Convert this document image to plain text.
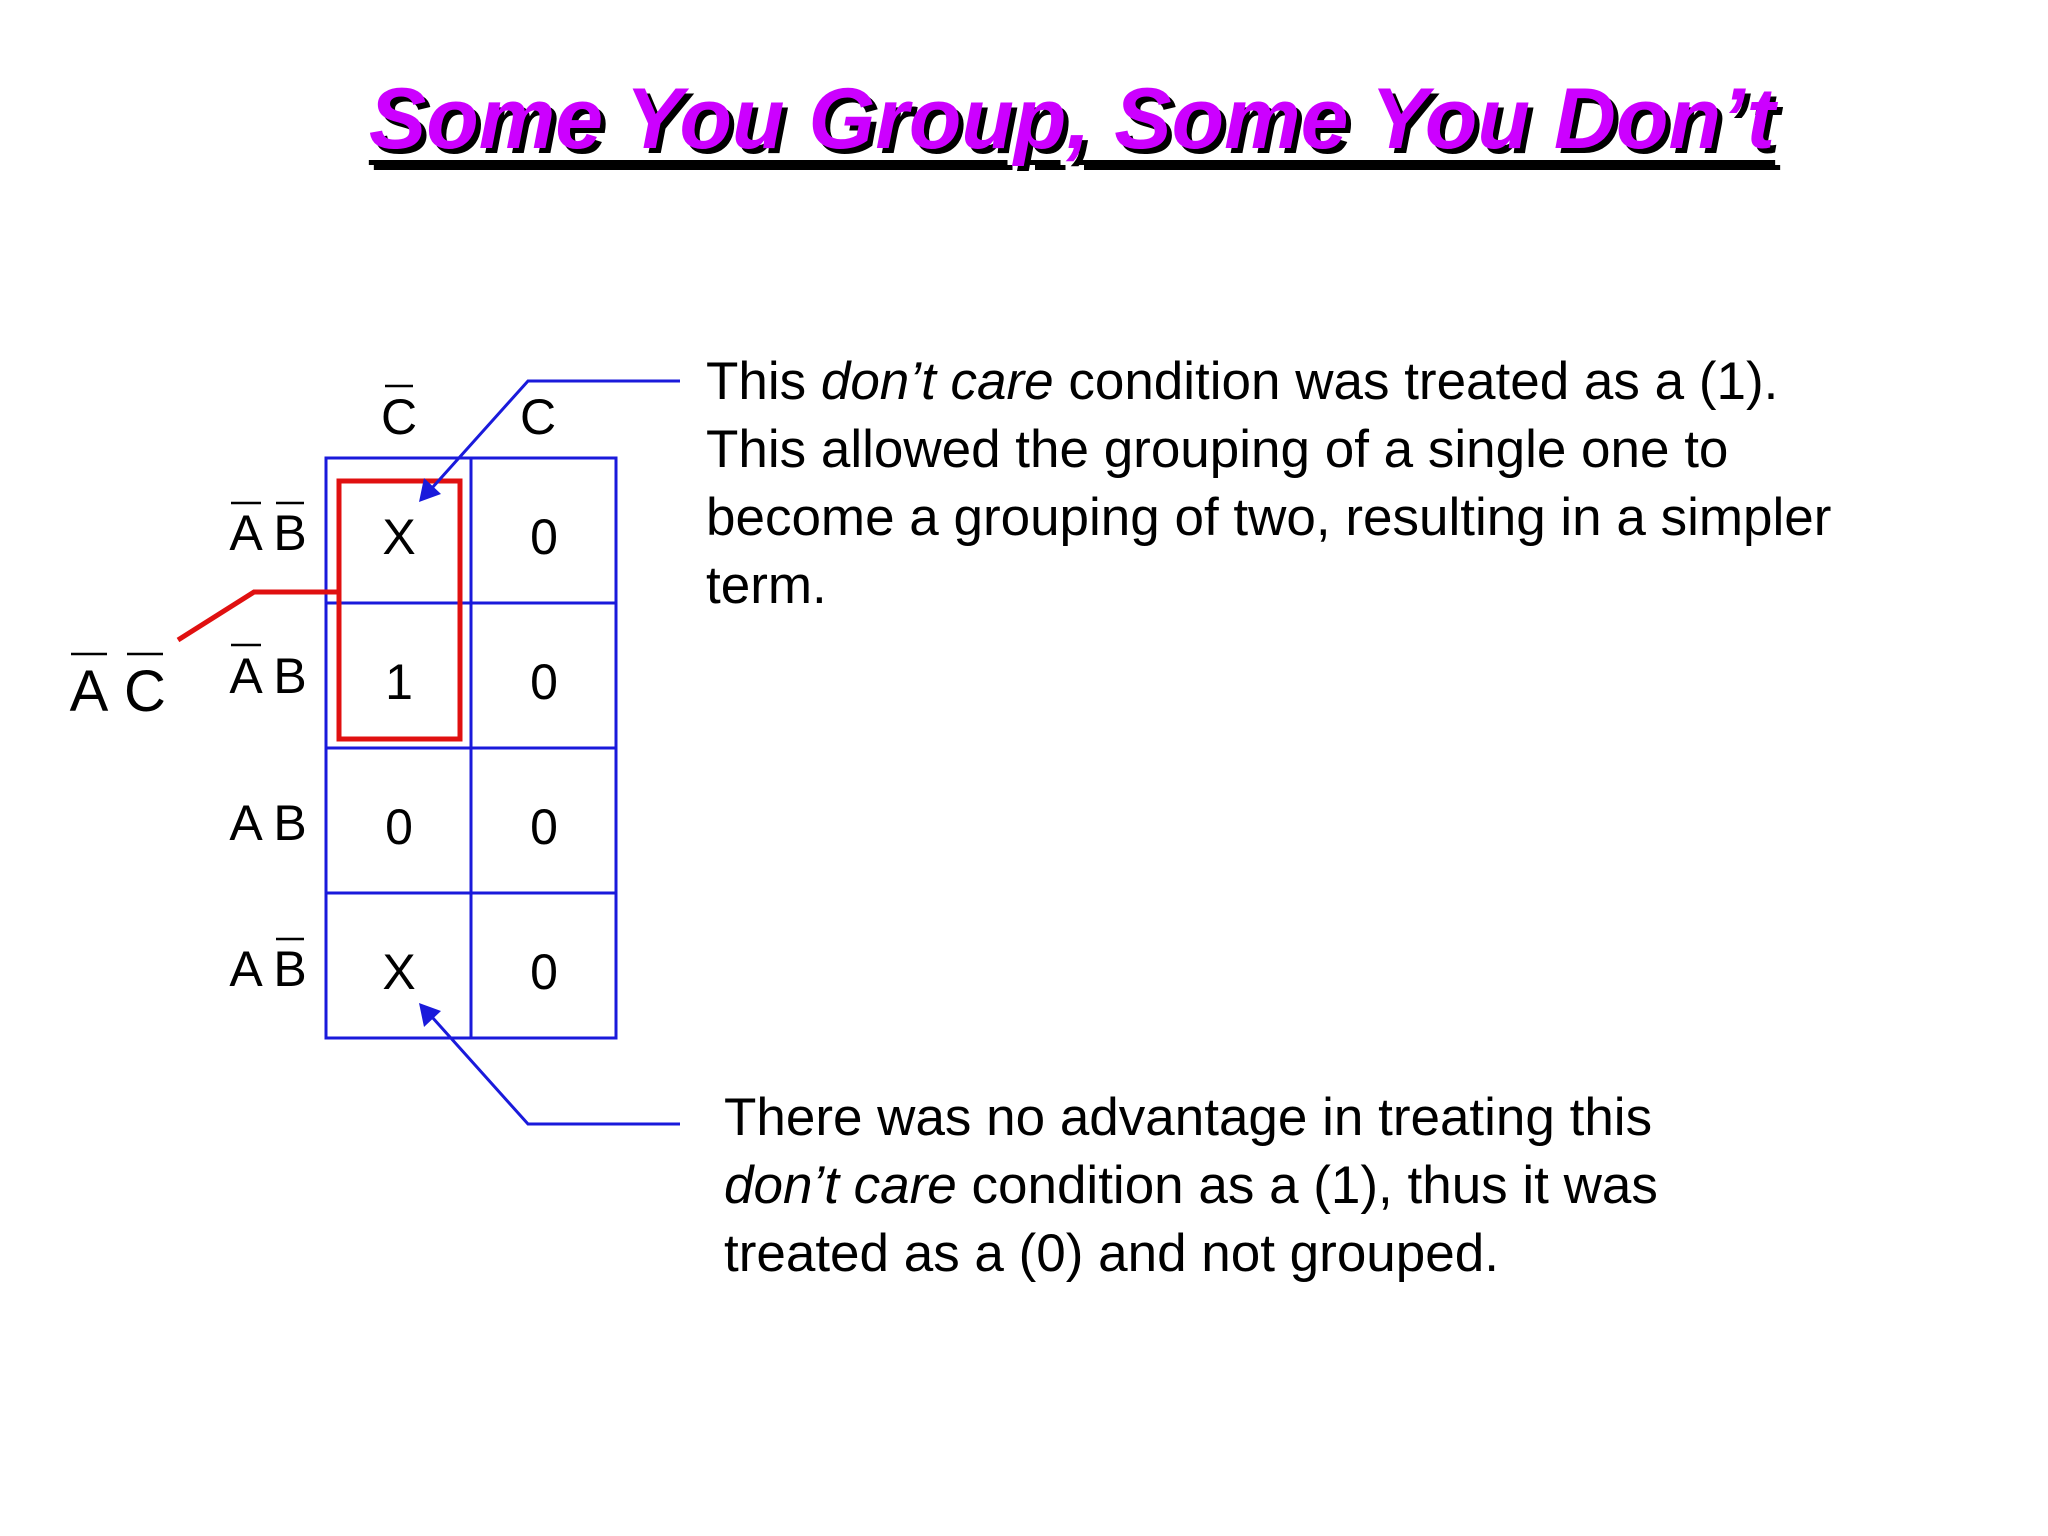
Some You Group, Some You Don’t
C C
A B
A B
A B
A B
X 0
1 0
0 0
X 0
A C
This don’t care condition was treated as a (1).
This allowed the grouping of a single one to
become a grouping of two, resulting in a simpler
term.
There was no advantage in treating this
don’t care condition as a (1), thus it was
treated as a (0) and not grouped.
